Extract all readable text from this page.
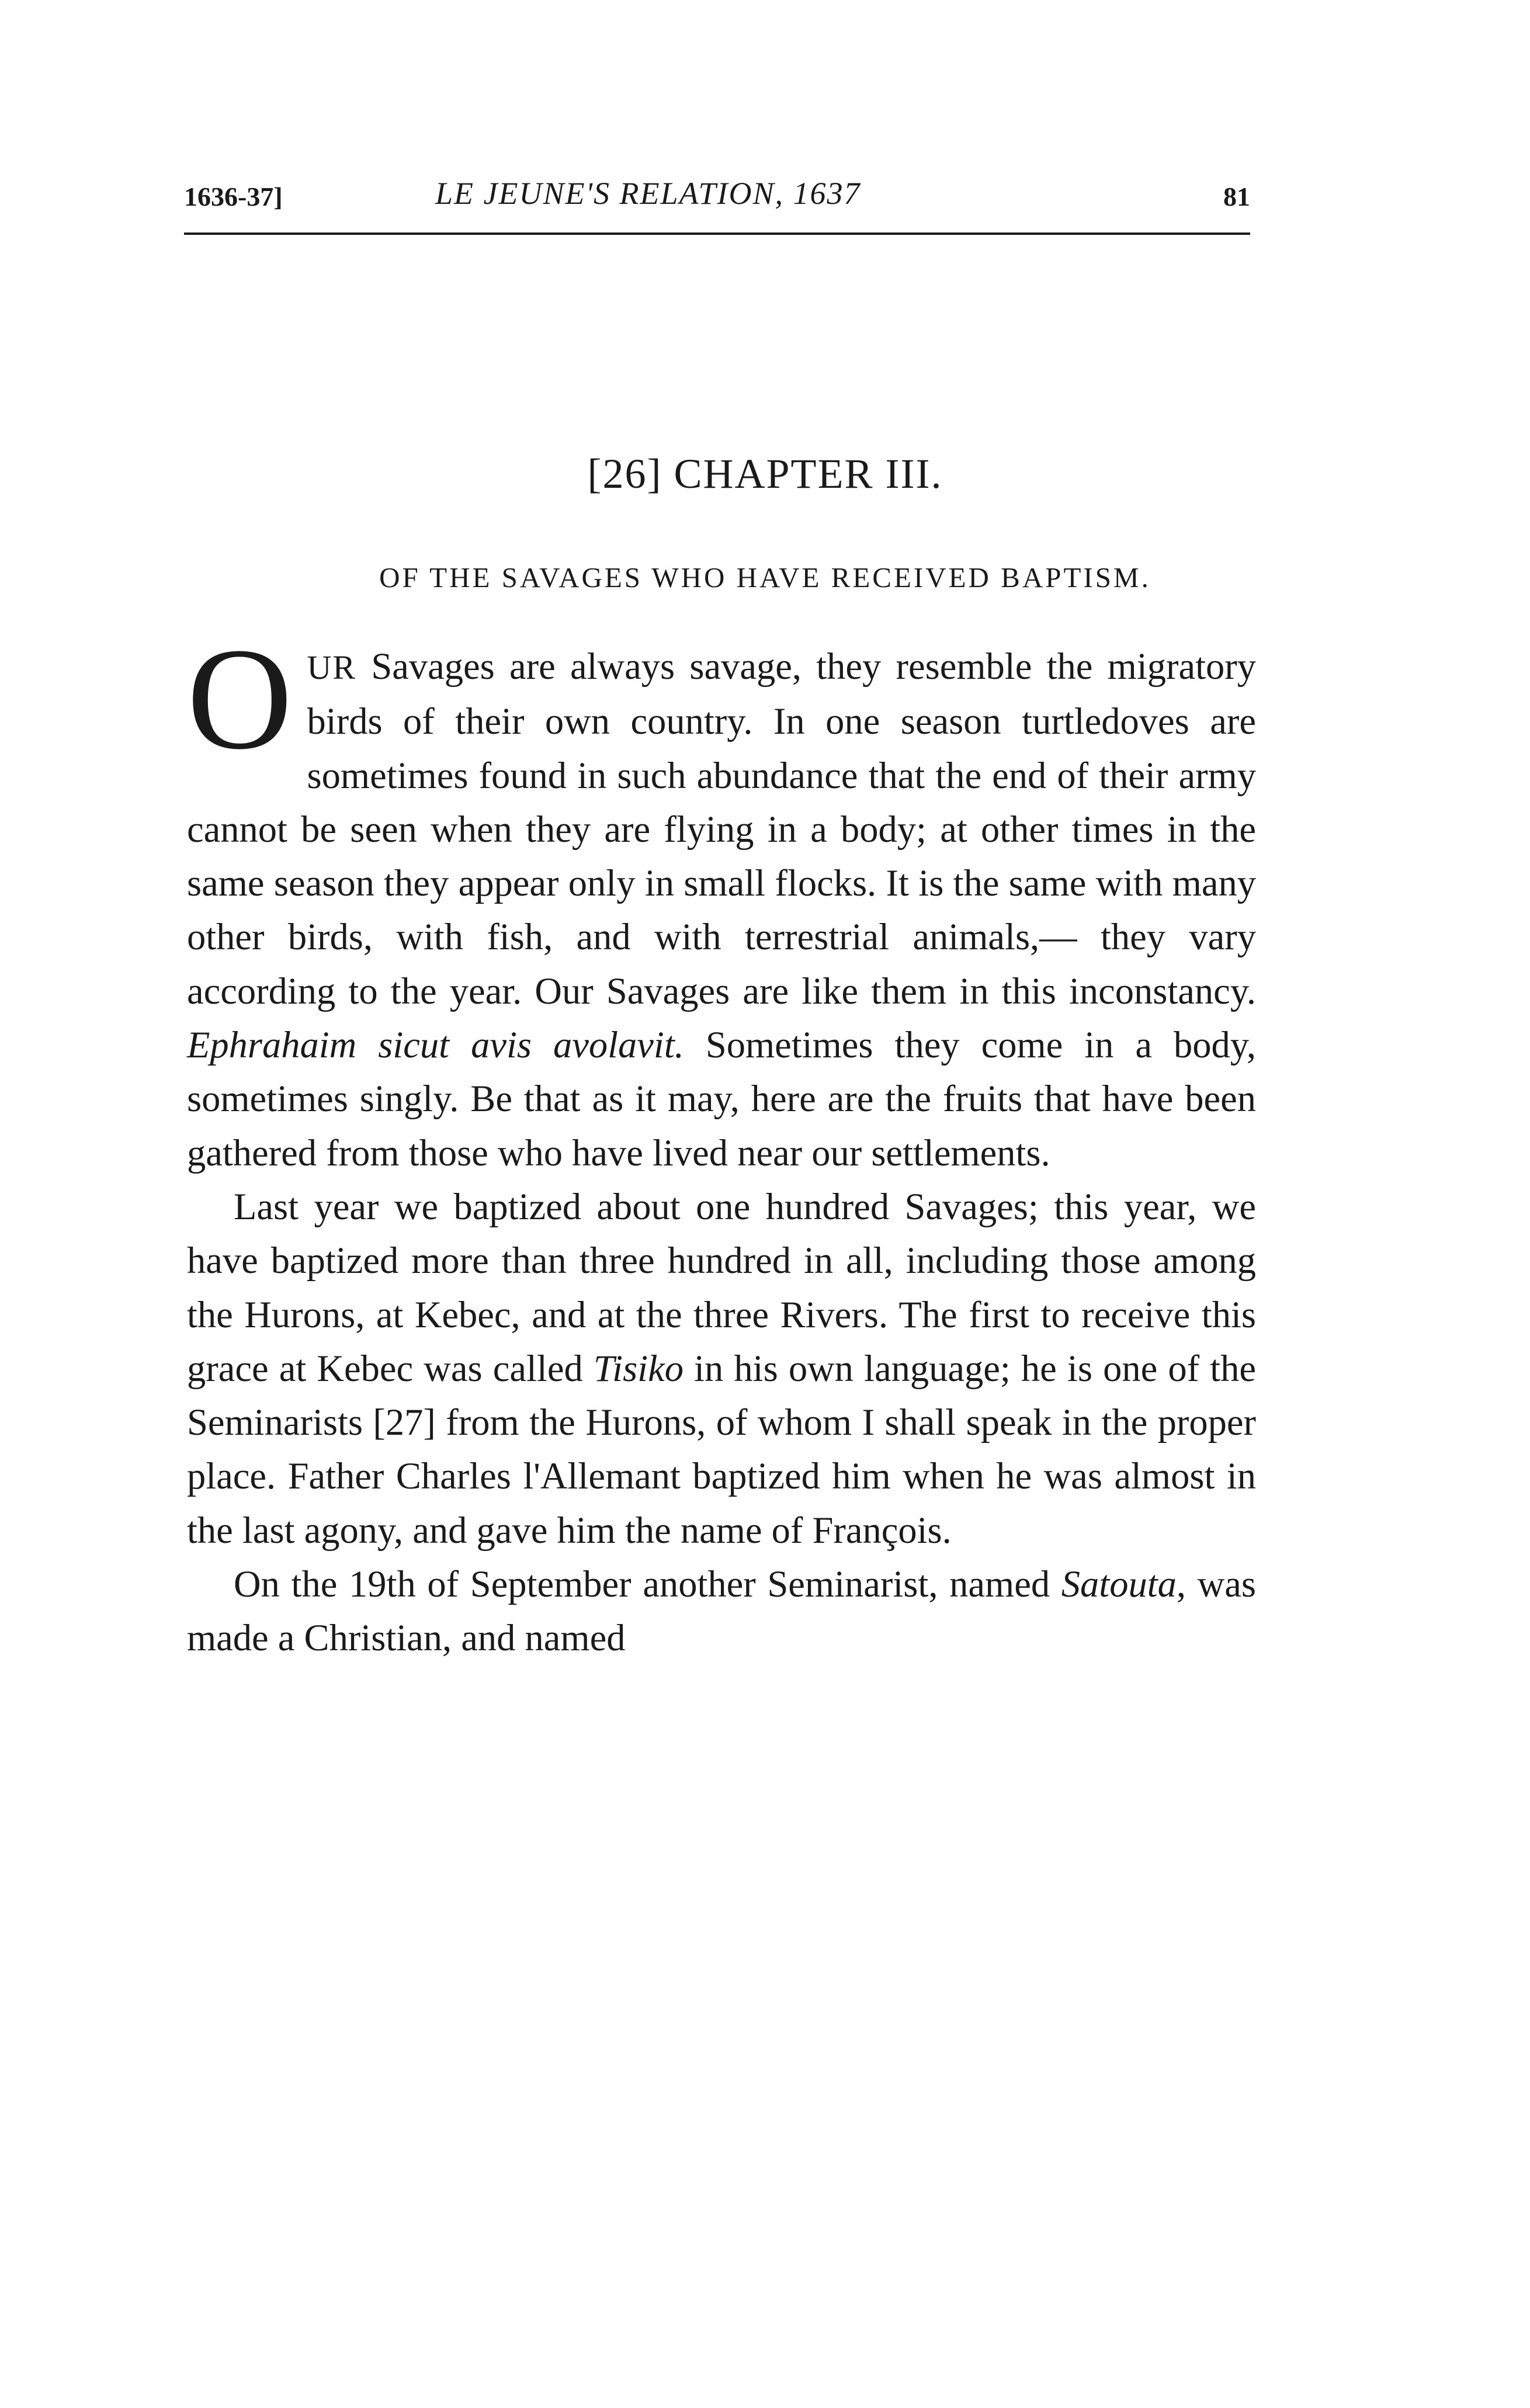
1636-37]	LE JEUNE'S RELATION, 1637	81
[26] CHAPTER III.
OF THE SAVAGES WHO HAVE RECEIVED BAPTISM.

OUR Savages are always savage, they resemble the migratory birds of their own country. In one season turtledoves are sometimes found in such abundance that the end of their army cannot be seen when they are flying in a body; at other times in the same season they appear only in small flocks. It is the same with many other birds, with fish, and with terrestrial animals,— they vary according to the year. Our Savages are like them in this inconstancy. Ephrahaim sicut avis avolavit. Sometimes they come in a body, sometimes singly. Be that as it may, here are the fruits that have been gathered from those who have lived near our settlements.

Last year we baptized about one hundred Savages; this year, we have baptized more than three hundred in all, including those among the Hurons, at Kebec, and at the three Rivers. The first to receive this grace at Kebec was called Tisiko in his own language; he is one of the Seminarists [27] from the Hurons, of whom I shall speak in the proper place. Father Charles l'Allemant baptized him when he was almost in the last agony, and gave him the name of François.

On the 19th of September another Seminarist, named Satouta, was made a Christian, and named
